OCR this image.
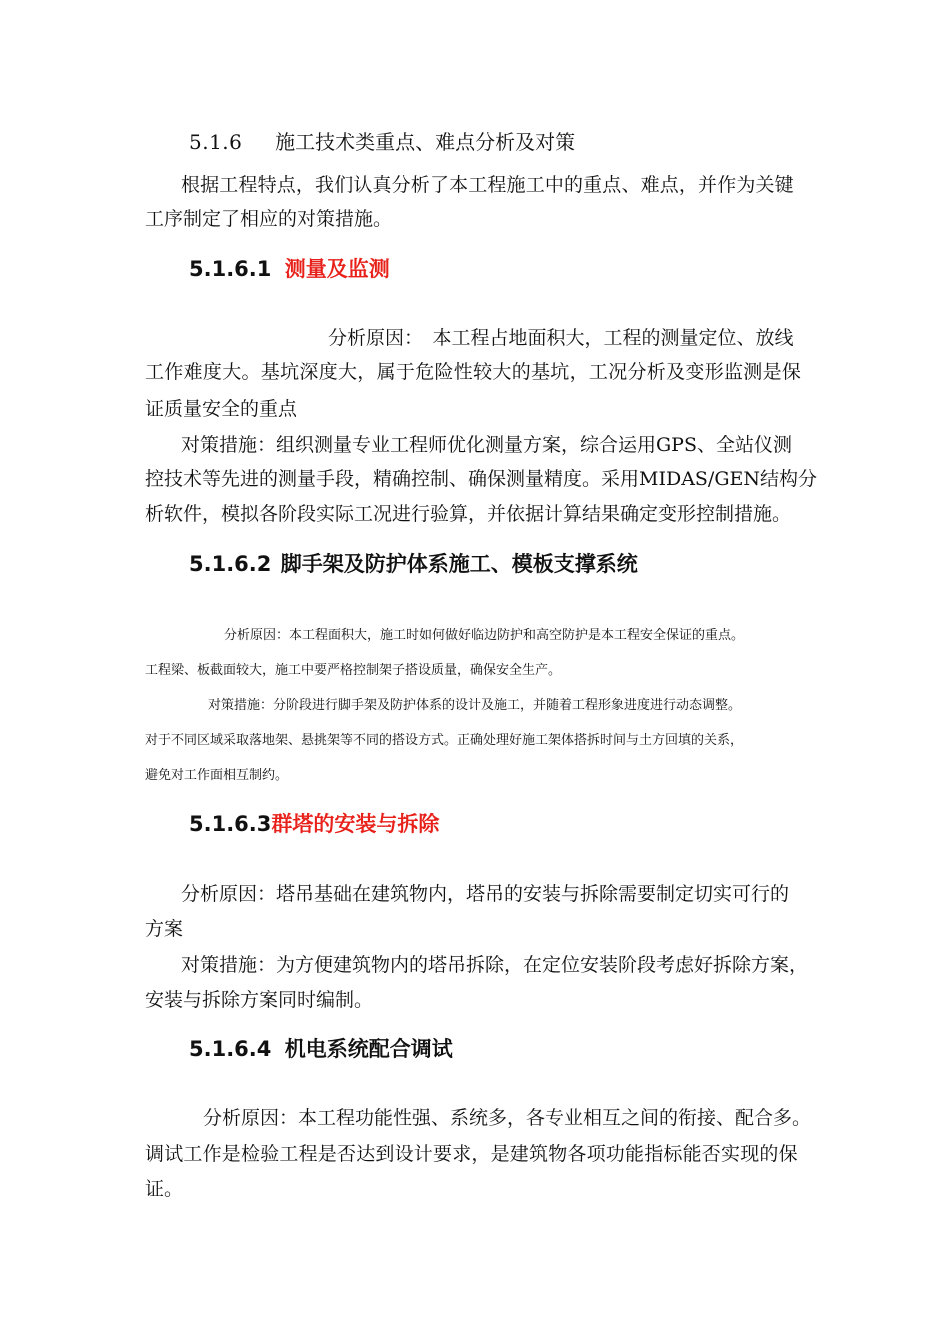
5.1.6 施工技术类重点、难点分析及对策

根据工程特点，我们认真分析了本工程施工中的重点、难点，并作为关键

工序制定了相应的对策措施。

5.1.6.1 测量及监测

分析原因：　本工程占地面积大，工程的测量定位、放线

工作难度大。基坑深度大，属于危险性较大的基坑，工况分析及变形监测是保

证质量安全的重点

对策措施：组织测量专业工程师优化测量方案，综合运用GPS、全站仪测

控技术等先进的测量手段，精确控制、确保测量精度。采用MIDAS/GEN结构分

析软件，模拟各阶段实际工况进行验算，并依据计算结果确定变形控制措施。

5.1.6.2 脚手架及防护体系施工、模板支撑系统

分析原因：本工程面积大，施工时如何做好临边防护和高空防护是本工程安全保证的重点。

工程梁、板截面较大，施工中要严格控制架子搭设质量，确保安全生产。

对策措施：分阶段进行脚手架及防护体系的设计及施工，并随着工程形象进度进行动态调整。

对于不同区域采取落地架、悬挑架等不同的搭设方式。正确处理好施工架体搭拆时间与土方回填的关系，

避免对工作面相互制约。

5.1.6.3群塔的安装与拆除

分析原因：塔吊基础在建筑物内，塔吊的安装与拆除需要制定切实可行的

方案

对策措施：为方便建筑物内的塔吊拆除，在定位安装阶段考虑好拆除方案，

安装与拆除方案同时编制。

5.1.6.4 机电系统配合调试

分析原因：本工程功能性强、系统多，各专业相互之间的衔接、配合多。

调试工作是检验工程是否达到设计要求，是建筑物各项功能指标能否实现的保

证。
